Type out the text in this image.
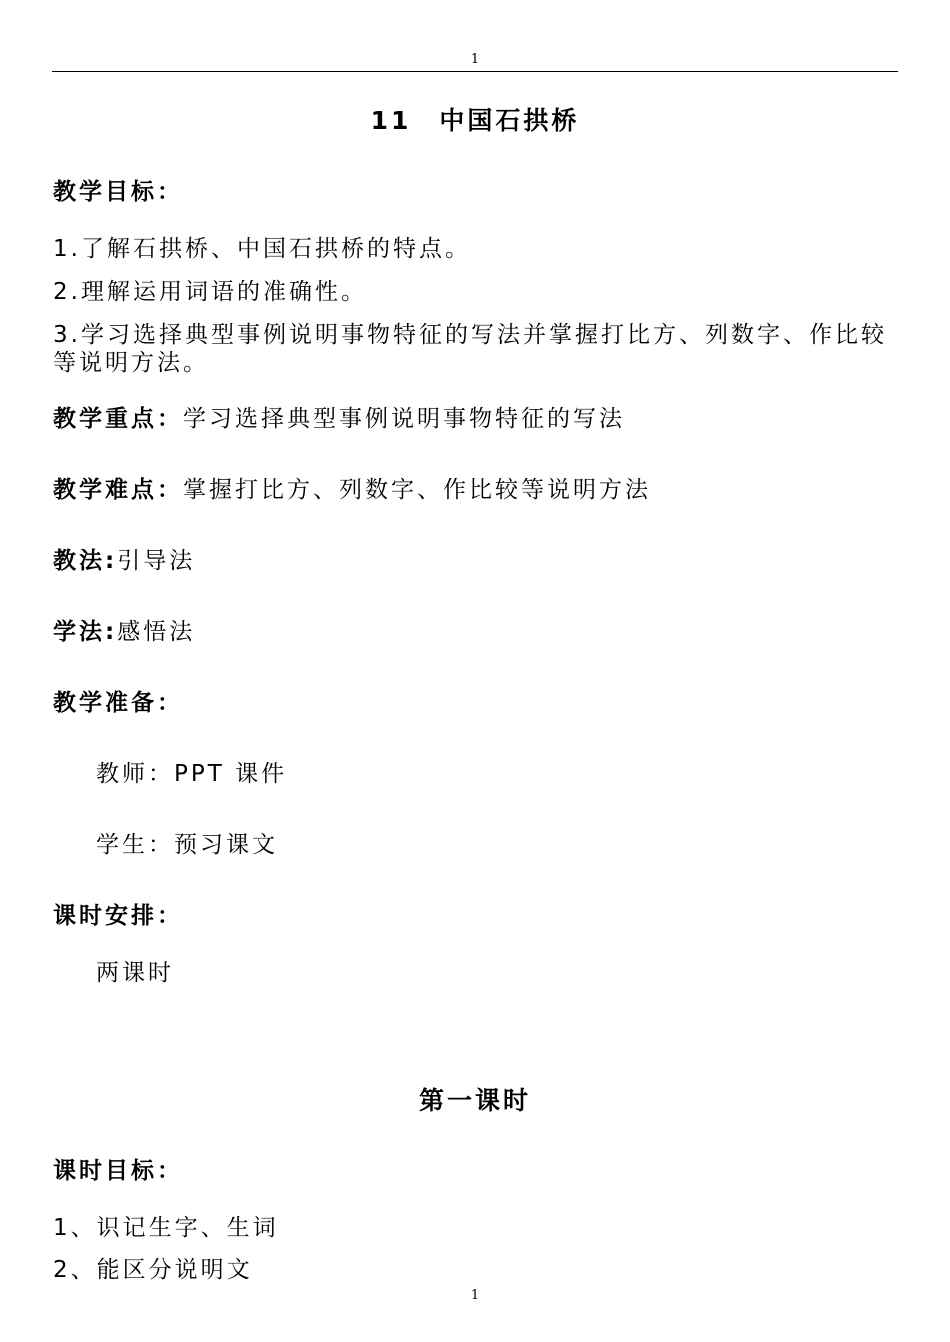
1
11　中国石拱桥
教学目标：
1.了解石拱桥、中国石拱桥的特点。
2.理解运用词语的准确性。
3.学习选择典型事例说明事物特征的写法并掌握打比方、列数字、作比较等说明方法。
教学重点：学习选择典型事例说明事物特征的写法
教学难点：掌握打比方、列数字、作比较等说明方法
教法:引导法
学法:感悟法
教学准备：
教师：PPT 课件
学生：预习课文
课时安排：
两课时
第一课时
课时目标：
1、识记生字、生词
2、能区分说明文
1
